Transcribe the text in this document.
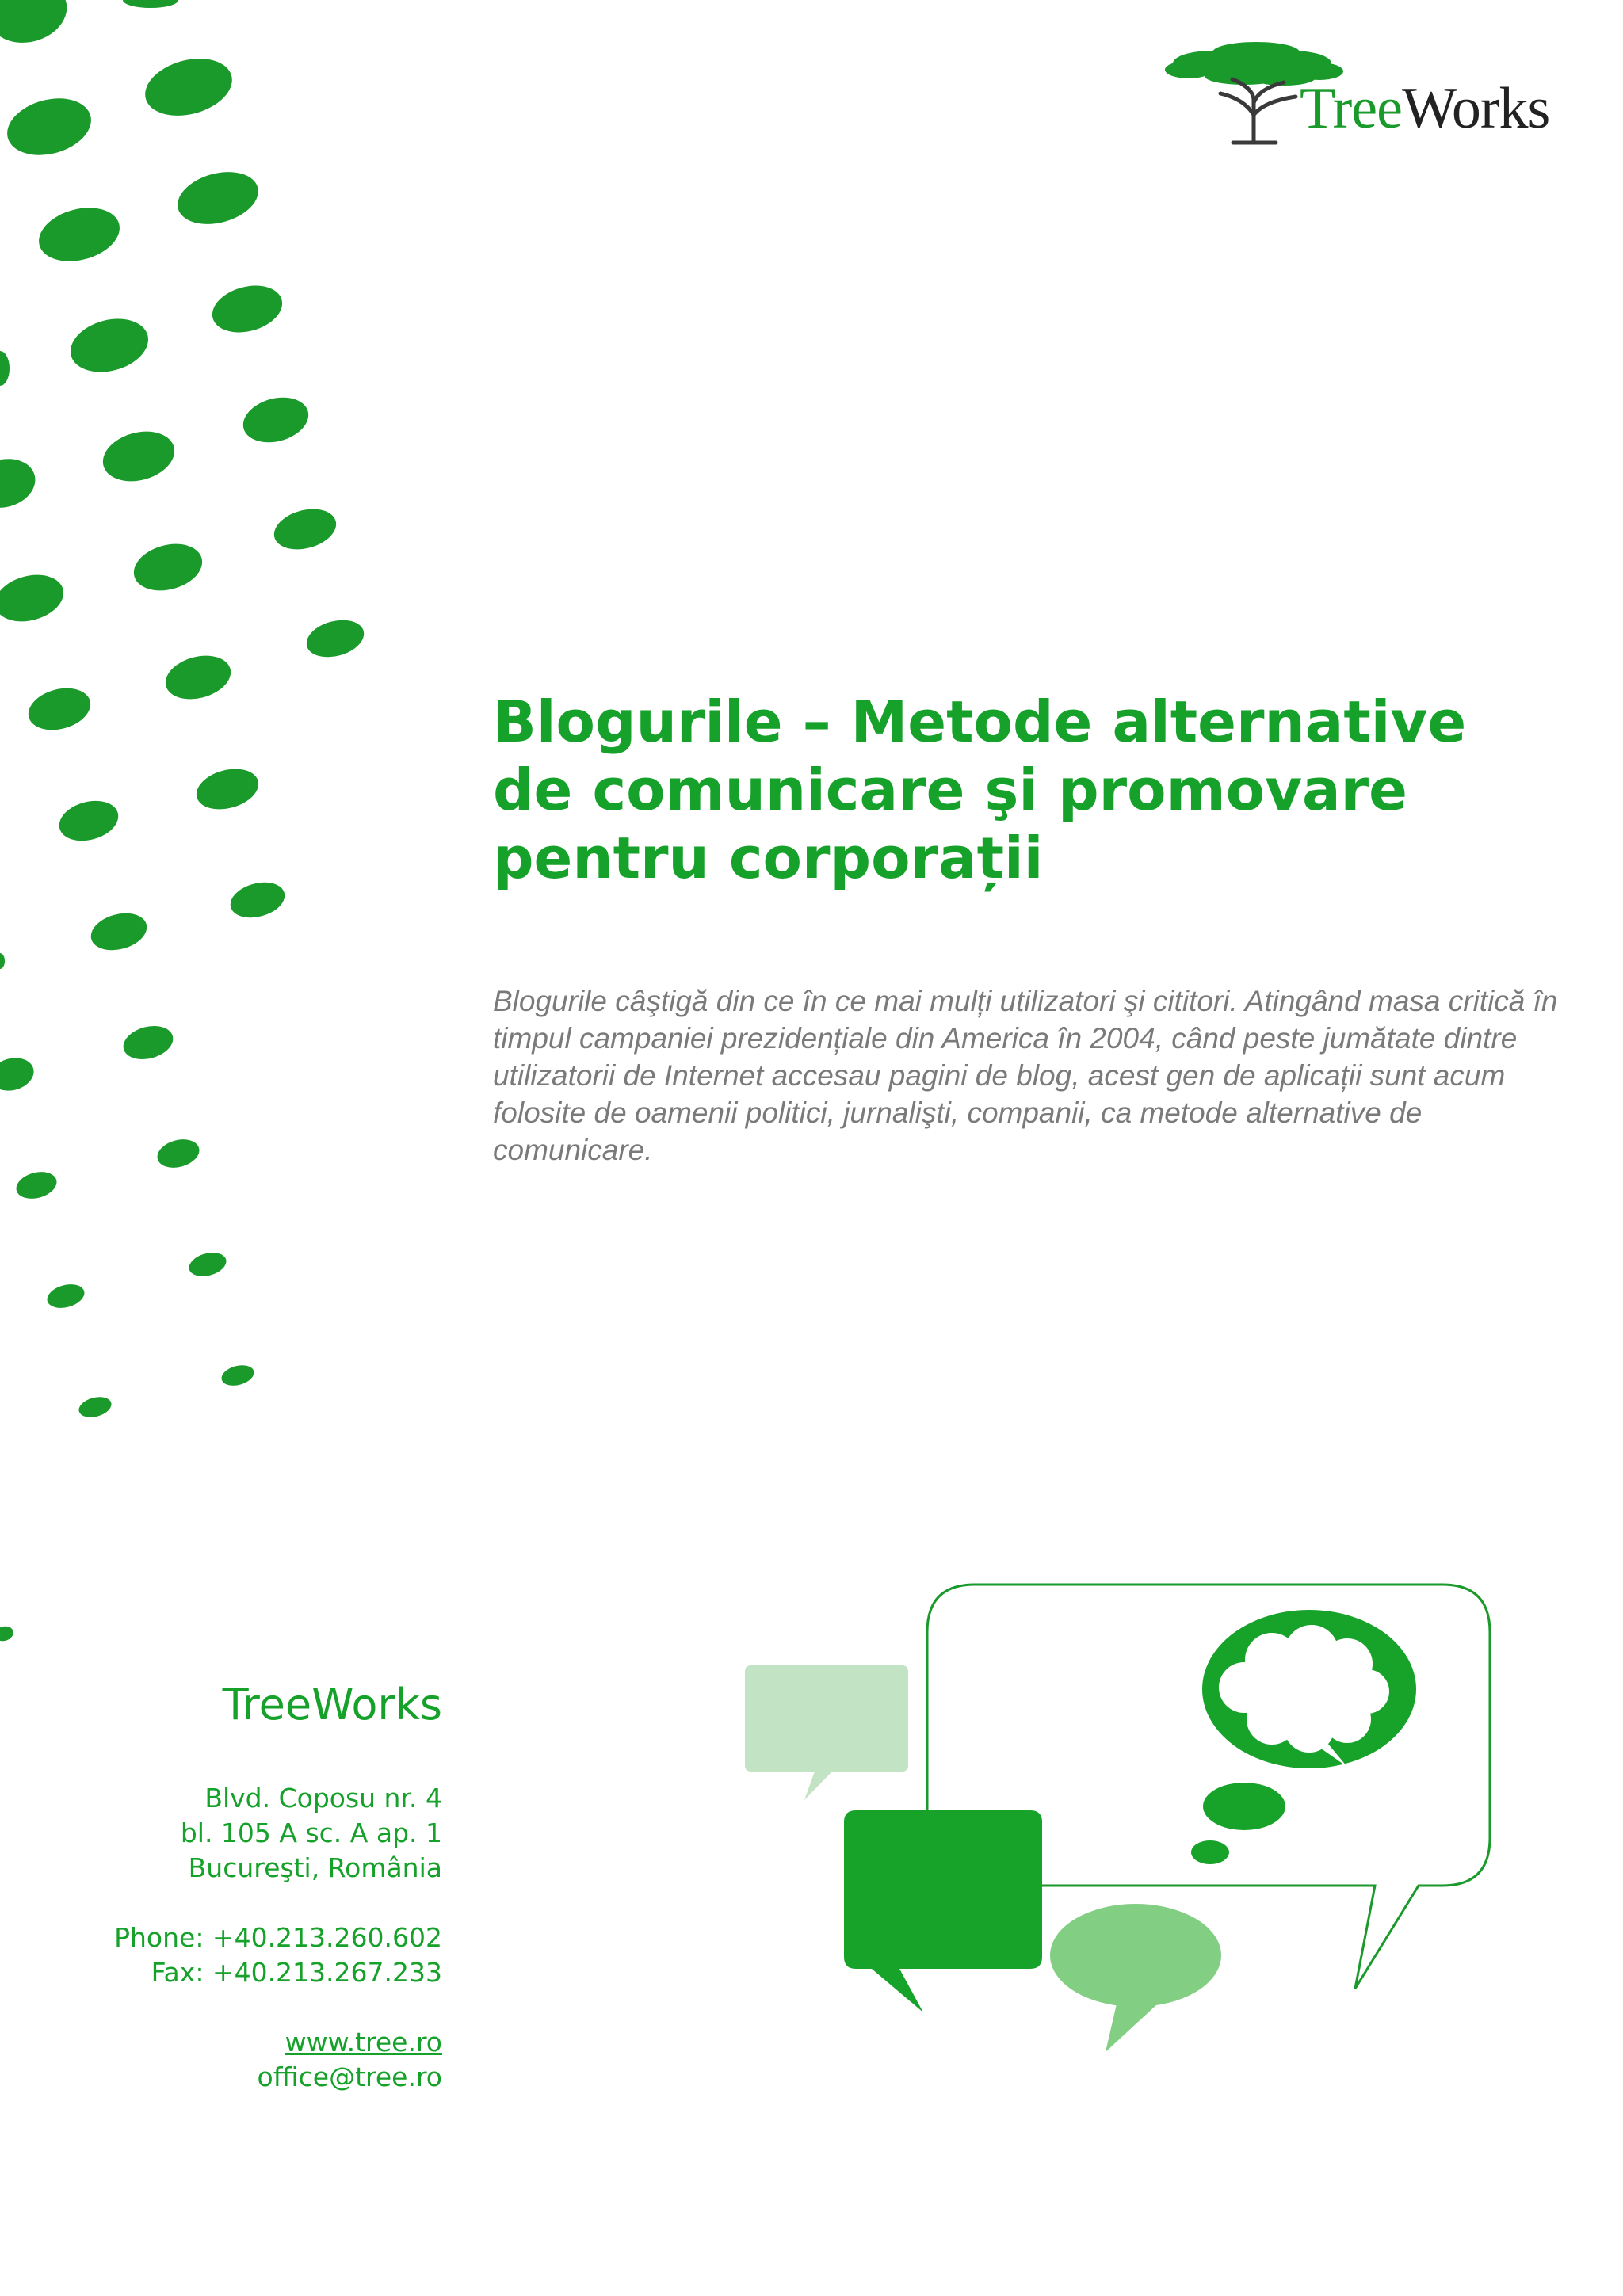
TreeWorks
Blogurile – Metode alternative de comunicare şi promovare pentru corporații

Blogurile câştigă din ce în ce mai mulți utilizatori şi cititori. Atingând masa critică în timpul campaniei prezidențiale din America în 2004, când peste jumătate dintre utilizatorii de Internet accesau pagini de blog, acest gen de aplicații sunt acum folosite de oamenii politici, jurnalişti, companii, ca metode alternative de comunicare.

TreeWorks
Blvd. Coposu nr. 4
bl. 105 A sc. A ap. 1
Bucureşti, România
Phone: +40.213.260.602
Fax: +40.213.267.233
www.tree.ro
office@tree.ro
